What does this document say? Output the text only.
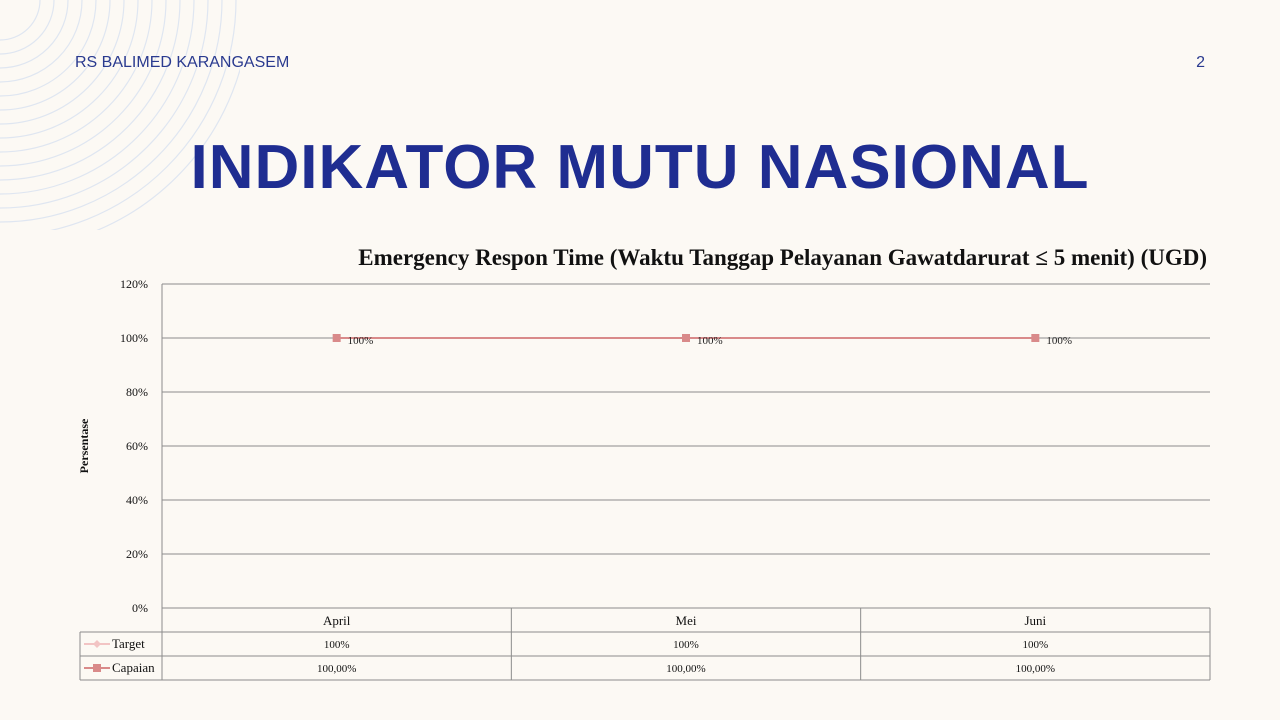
RS BALIMED KARANGASEM	2
INDIKATOR MUTU NASIONAL
Emergency Respon Time (Waktu Tanggap Pelayanan Gawatdarurat ≤ 5 menit) (UGD)
Persentase
0%
20%
40%
60%
80%
100%
120%
100%	100%	100%
April	Mei	Juni
Target	100%	100%	100%
Capaian	100,00%	100,00%	100,00%
